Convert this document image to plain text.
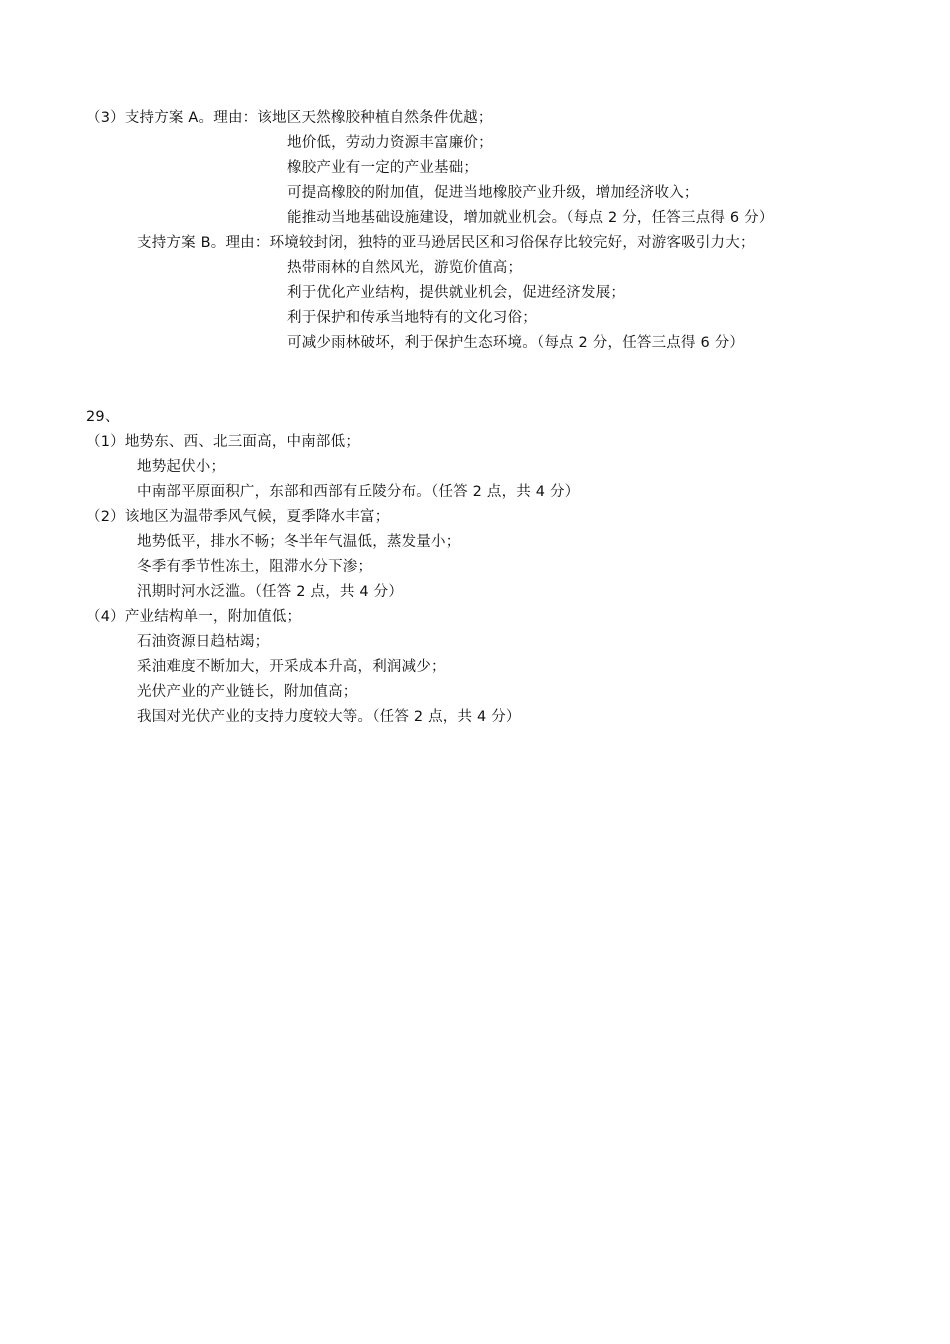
（3）支持方案 A。理由：该地区天然橡胶种植自然条件优越；
地价低，劳动力资源丰富廉价；
橡胶产业有一定的产业基础；
可提高橡胶的附加值，促进当地橡胶产业升级，增加经济收入；
能推动当地基础设施建设，增加就业机会。（每点 2 分，任答三点得 6 分）
支持方案 B。理由：环境较封闭，独特的亚马逊居民区和习俗保存比较完好，对游客吸引力大；
热带雨林的自然风光，游览价值高；
利于优化产业结构，提供就业机会，促进经济发展；
利于保护和传承当地特有的文化习俗；
可减少雨林破坏，利于保护生态环境。（每点 2 分，任答三点得 6 分）
29、
（1）地势东、西、北三面高，中南部低；
地势起伏小；
中南部平原面积广，东部和西部有丘陵分布。（任答 2 点，共 4 分）
（2）该地区为温带季风气候，夏季降水丰富；
地势低平，排水不畅；冬半年气温低，蒸发量小；
冬季有季节性冻土，阻滞水分下渗；
汛期时河水泛滥。（任答 2 点，共 4 分）
（4）产业结构单一，附加值低；
石油资源日趋枯竭；
采油难度不断加大，开采成本升高，利润减少；
光伏产业的产业链长，附加值高；
我国对光伏产业的支持力度较大等。（任答 2 点，共 4 分）
